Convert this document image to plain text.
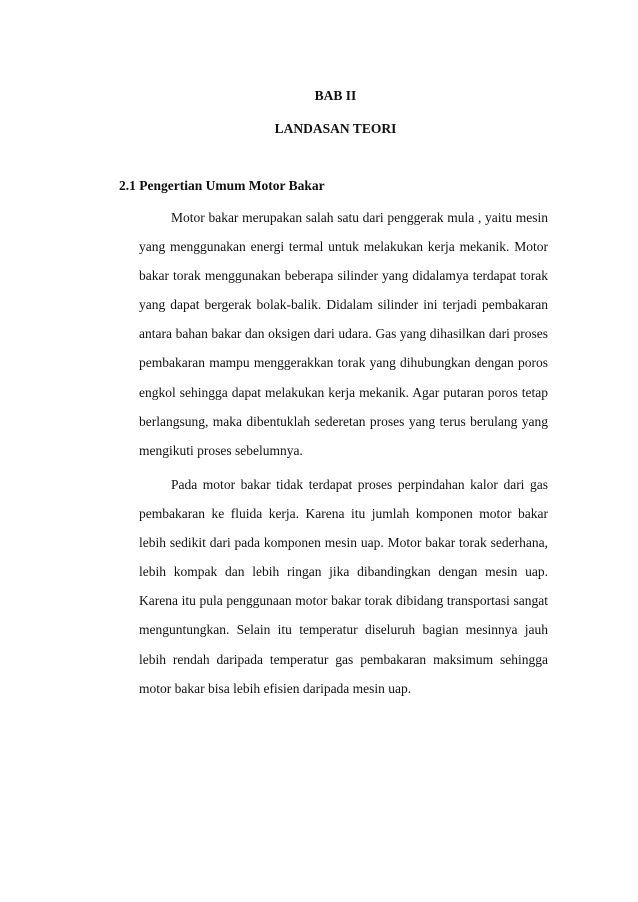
BAB II
LANDASAN TEORI
2.1 Pengertian Umum Motor Bakar

Motor bakar merupakan salah satu dari penggerak mula , yaitu mesin yang menggunakan energi termal untuk melakukan kerja mekanik. Motor bakar torak menggunakan beberapa silinder yang didalamya terdapat torak yang dapat bergerak bolak-balik. Didalam silinder ini terjadi pembakaran antara bahan bakar dan oksigen dari udara. Gas yang dihasilkan dari proses pembakaran mampu menggerakkan torak yang dihubungkan dengan poros engkol sehingga dapat melakukan kerja mekanik. Agar putaran poros tetap berlangsung, maka dibentuklah sederetan proses yang terus berulang yang mengikuti proses sebelumnya.

Pada motor bakar tidak terdapat proses perpindahan kalor dari gas pembakaran ke fluida kerja. Karena itu jumlah komponen motor bakar lebih sedikit dari pada komponen mesin uap. Motor bakar torak sederhana, lebih kompak dan lebih ringan jika dibandingkan dengan mesin uap. Karena itu pula penggunaan motor bakar torak dibidang transportasi sangat menguntungkan. Selain itu temperatur diseluruh bagian mesinnya jauh lebih rendah daripada temperatur gas pembakaran maksimum sehingga motor bakar bisa lebih efisien daripada mesin uap.
